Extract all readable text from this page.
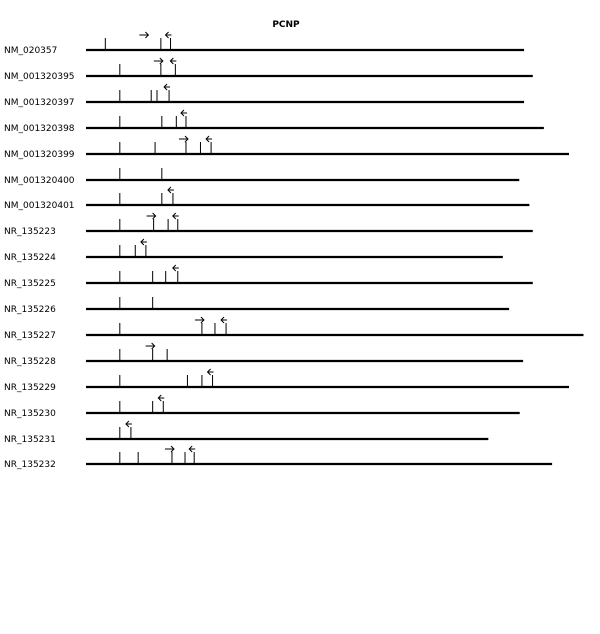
PCNP
NM_020357
NM_001320395
NM_001320397
NM_001320398
NM_001320399
NM_001320400
NM_001320401
NR_135223
NR_135224
NR_135225
NR_135226
NR_135227
NR_135228
NR_135229
NR_135230
NR_135231
NR_135232
